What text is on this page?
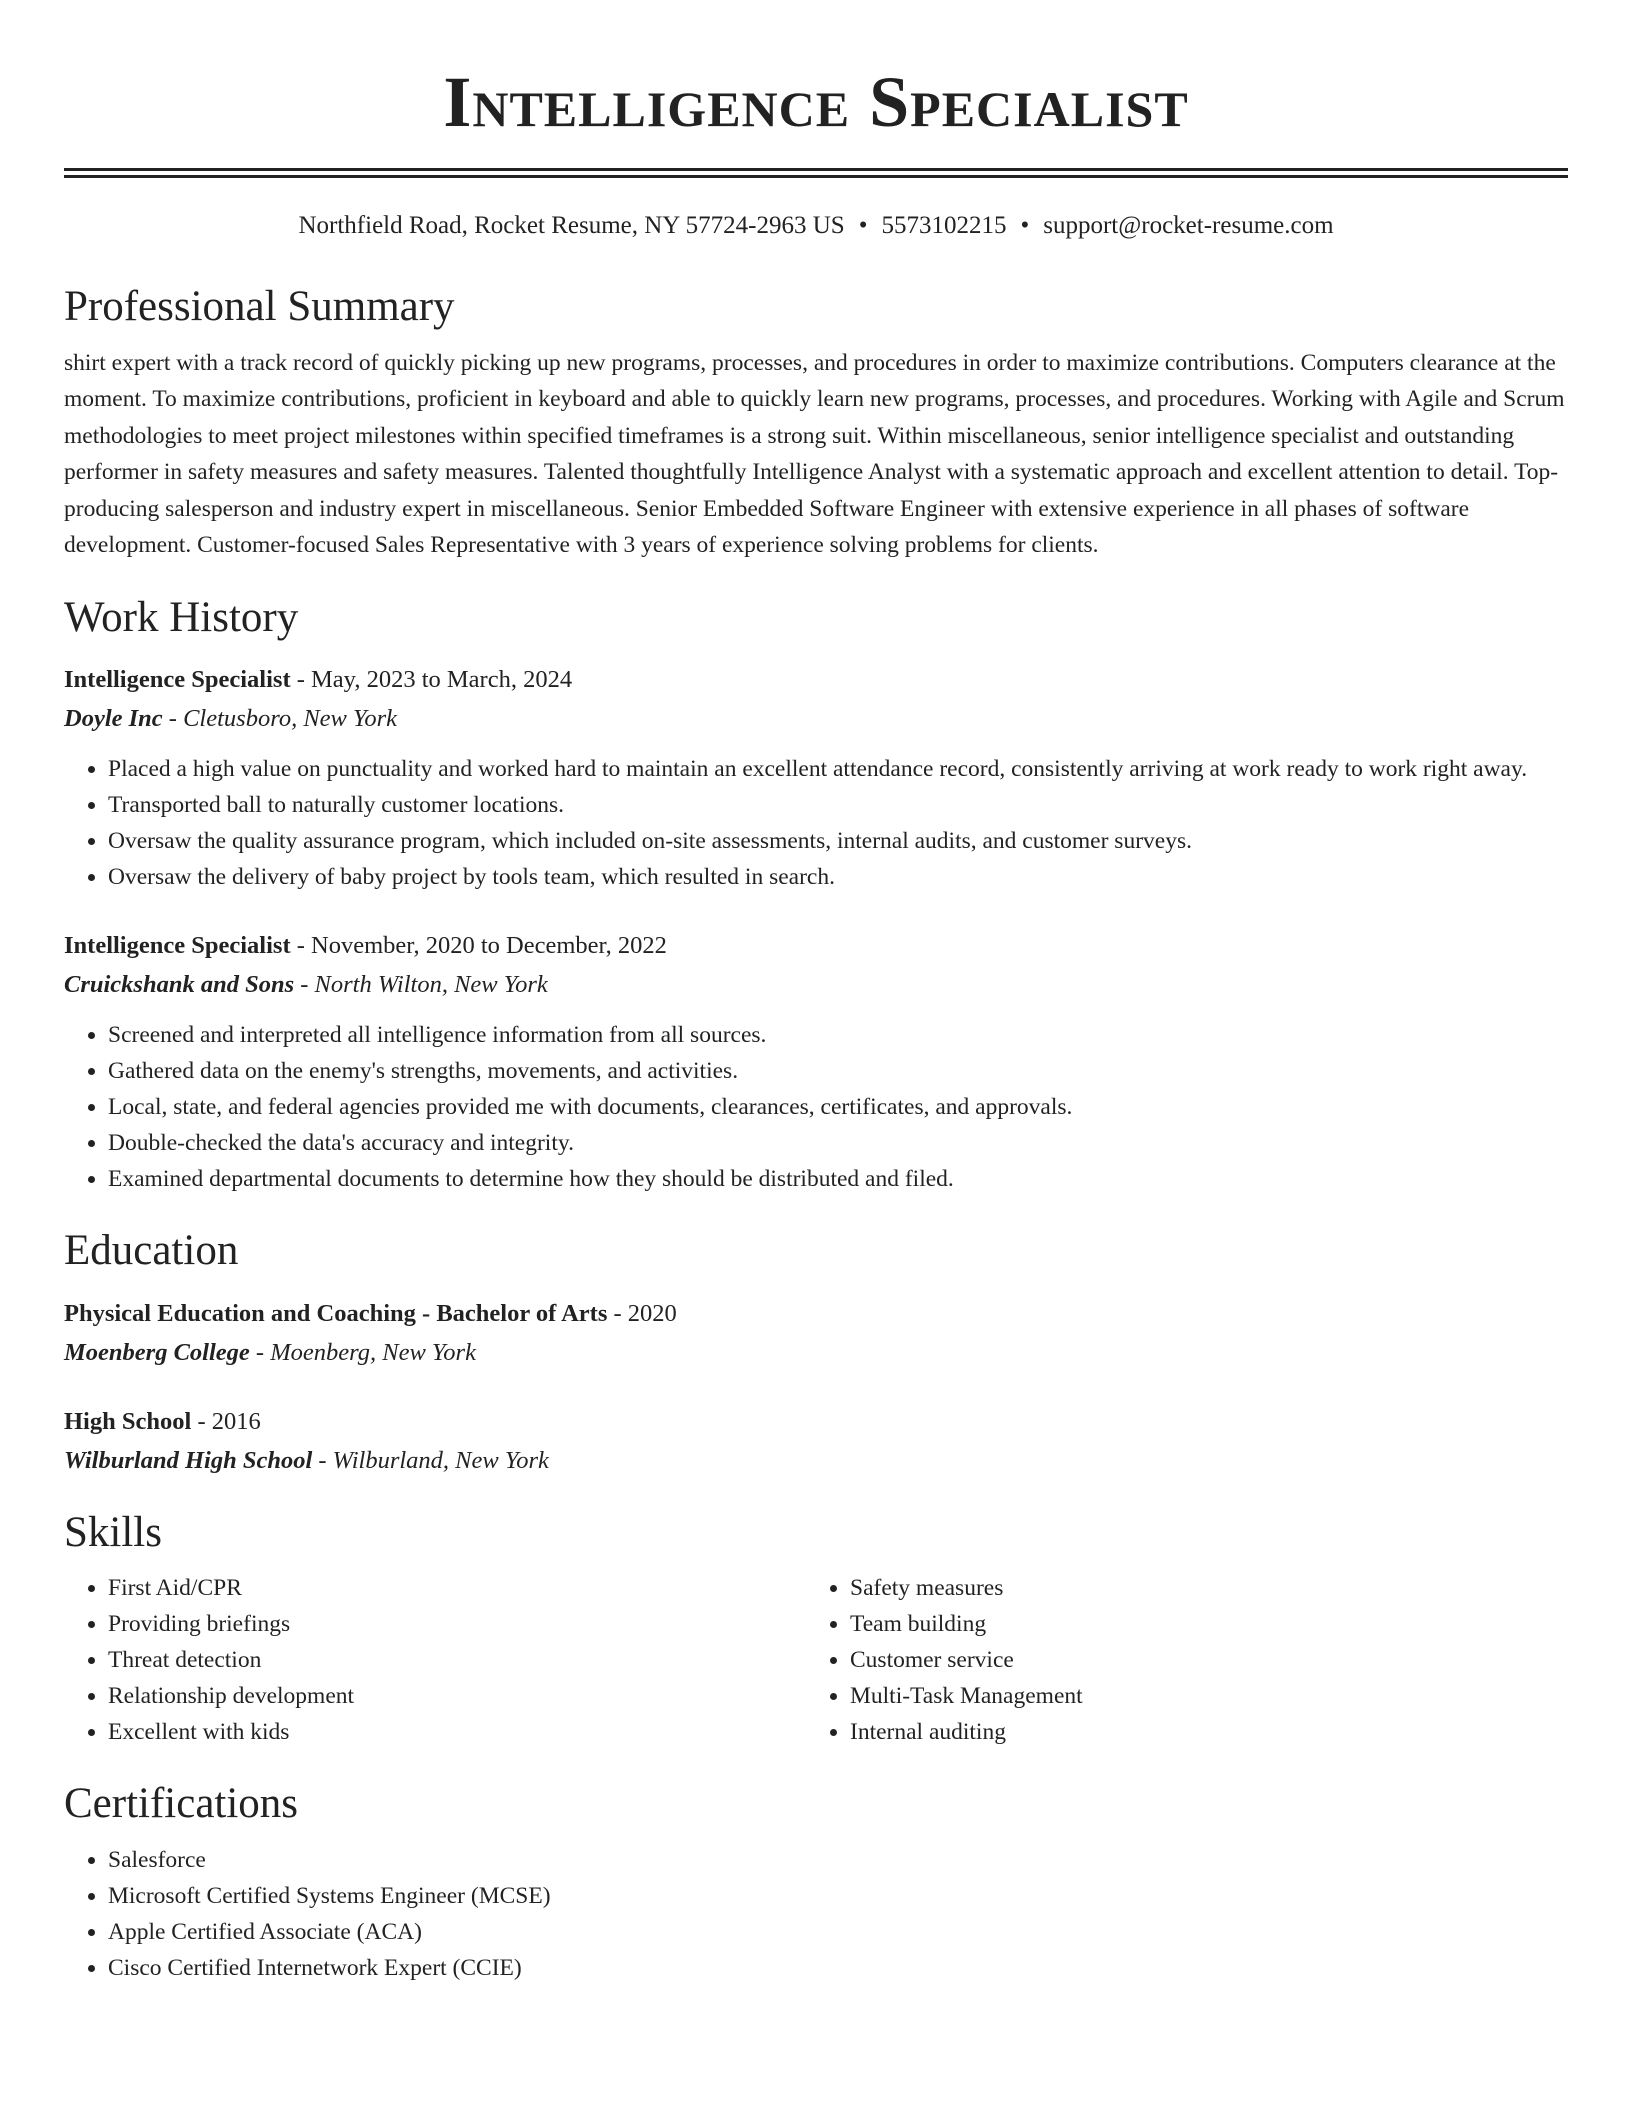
Intelligence Specialist
Northfield Road, Rocket Resume, NY 57724-2963 US • 5573102215 • support@rocket-resume.com
Professional Summary

shirt expert with a track record of quickly picking up new programs, processes, and procedures in order to maximize contributions. Computers clearance at the moment. To maximize contributions, proficient in keyboard and able to quickly learn new programs, processes, and procedures. Working with Agile and Scrum methodologies to meet project milestones within specified timeframes is a strong suit. Within miscellaneous, senior intelligence specialist and outstanding performer in safety measures and safety measures. Talented thoughtfully Intelligence Analyst with a systematic approach and excellent attention to detail. Top-producing salesperson and industry expert in miscellaneous. Senior Embedded Software Engineer with extensive experience in all phases of software development. Customer-focused Sales Representative with 3 years of experience solving problems for clients.

Work History

Intelligence Specialist - May, 2023 to March, 2024

Doyle Inc - Cletusboro, New York

• Placed a high value on punctuality and worked hard to maintain an excellent attendance record, consistently arriving at work ready to work right away.
• Transported ball to naturally customer locations.
• Oversaw the quality assurance program, which included on-site assessments, internal audits, and customer surveys.
• Oversaw the delivery of baby project by tools team, which resulted in search.

Intelligence Specialist - November, 2020 to December, 2022

Cruickshank and Sons - North Wilton, New York

• Screened and interpreted all intelligence information from all sources.
• Gathered data on the enemy's strengths, movements, and activities.
• Local, state, and federal agencies provided me with documents, clearances, certificates, and approvals.
• Double-checked the data's accuracy and integrity.
• Examined departmental documents to determine how they should be distributed and filed.
Education

Physical Education and Coaching - Bachelor of Arts - 2020

Moenberg College - Moenberg, New York

High School - 2016

Wilburland High School - Wilburland, New York

Skills
• First Aid/CPR
• Providing briefings
• Threat detection
• Relationship development
• Excellent with kids
• Safety measures
• Team building
• Customer service
• Multi-Task Management
• Internal auditing
Certifications
• Salesforce
• Microsoft Certified Systems Engineer (MCSE)
• Apple Certified Associate (ACA)
• Cisco Certified Internetwork Expert (CCIE)
